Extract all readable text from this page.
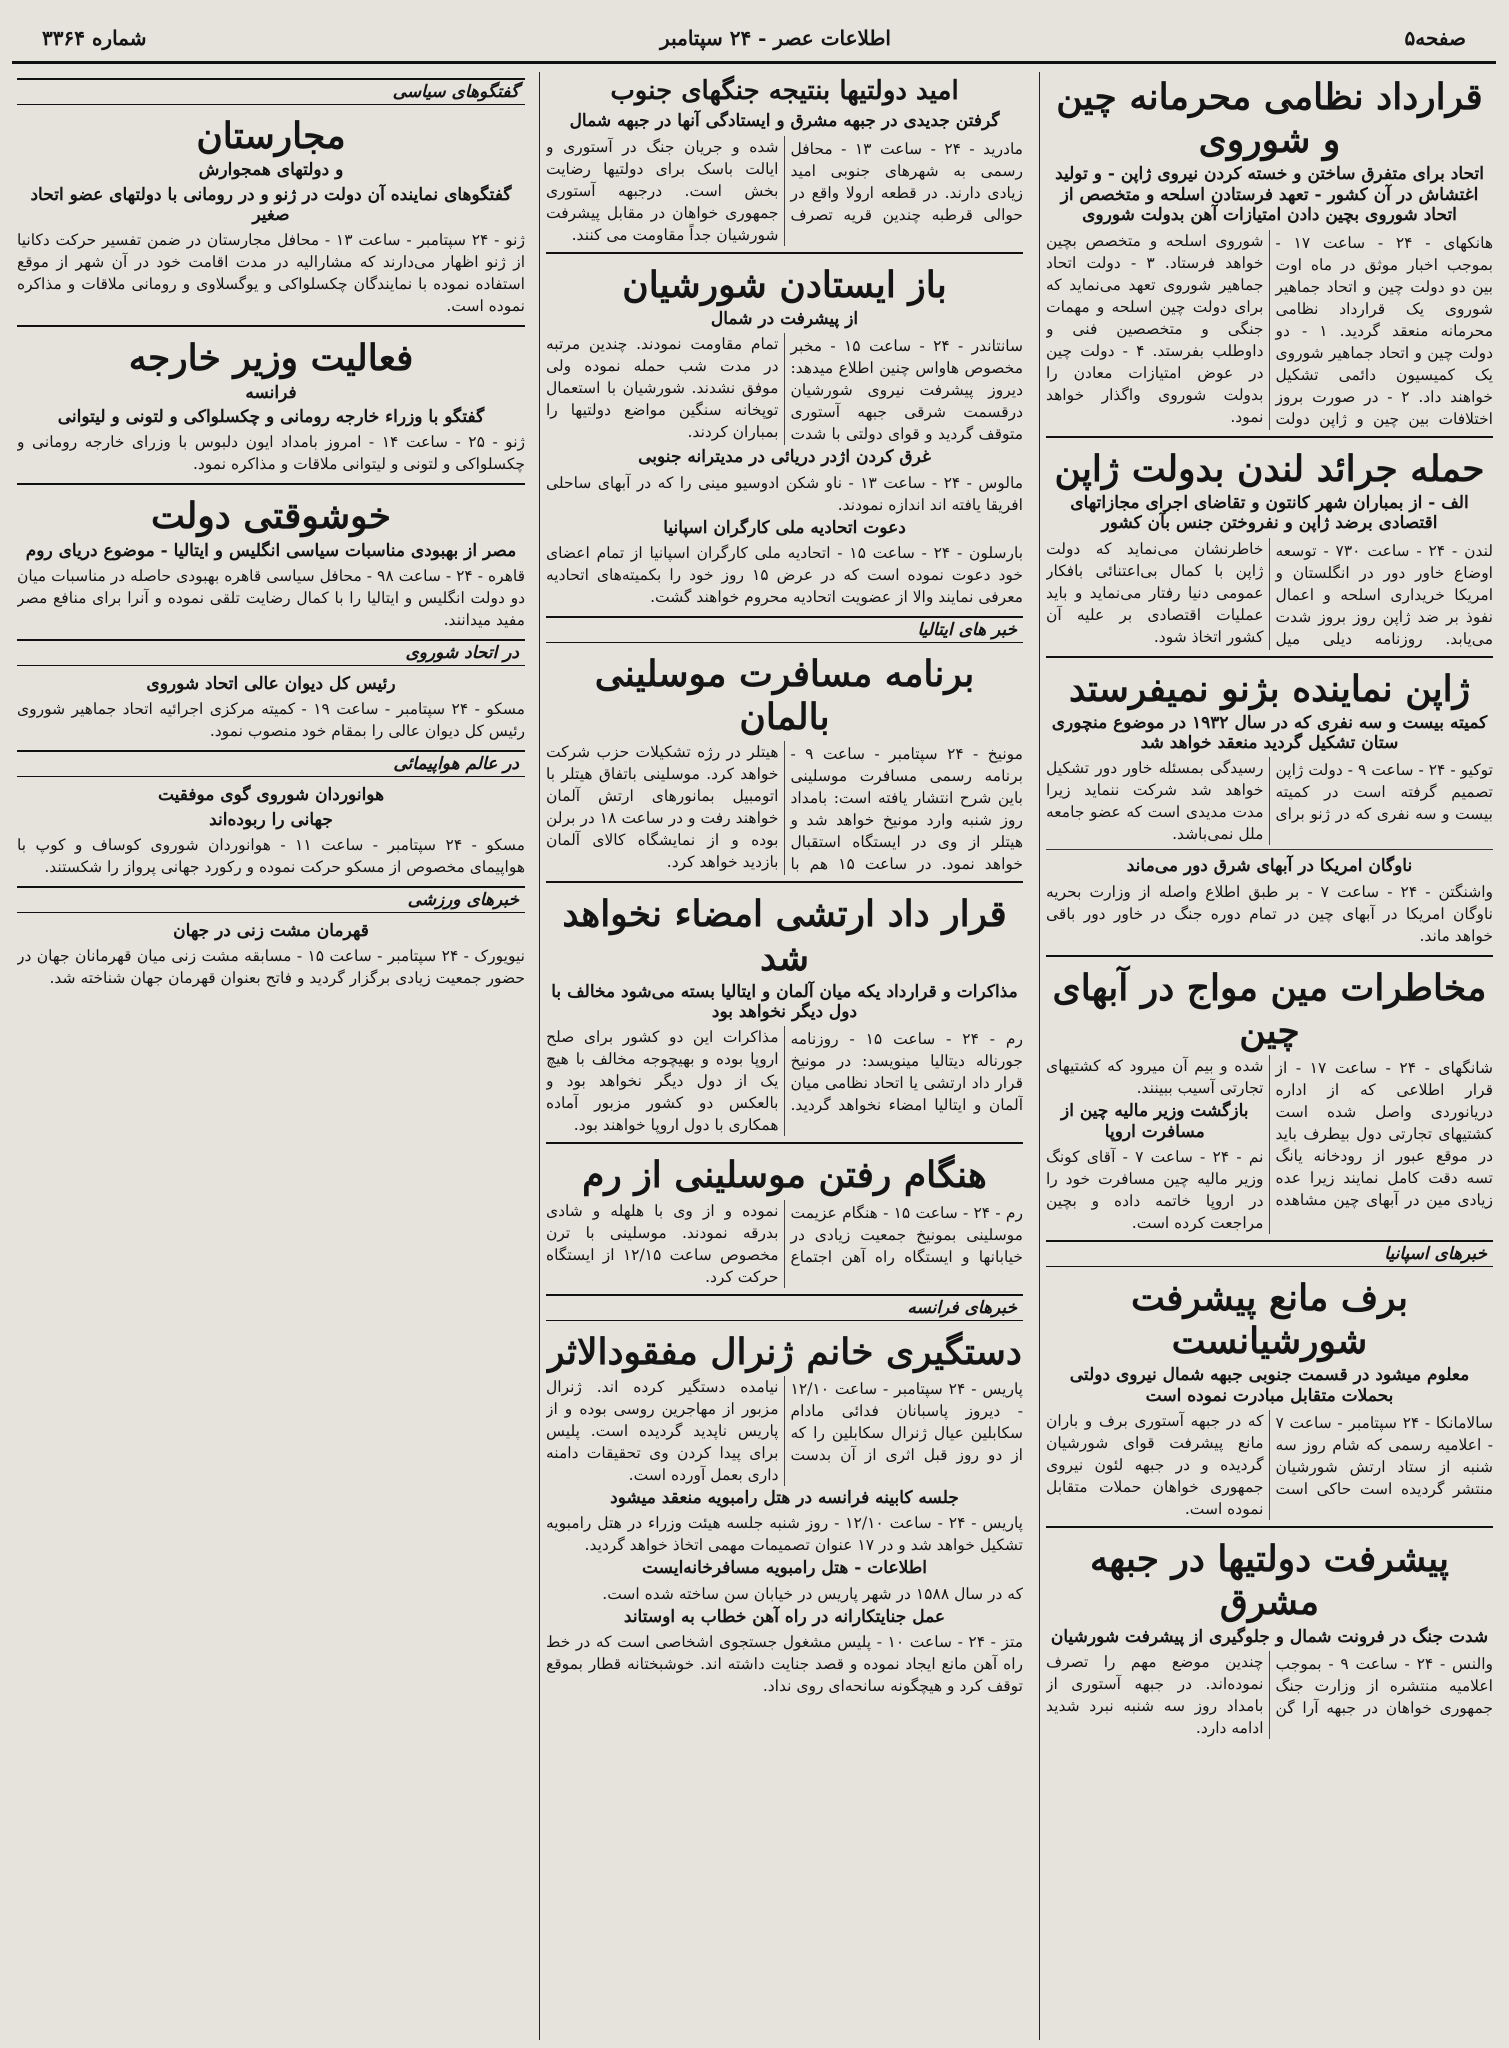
صفحه۵
اطلاعات عصر - ۲۴ سپتامبر
شماره ۳۳۶۴
قرارداد نظامی محرمانه چین و شوروی
اتحاد برای متفرق ساختن و خسته کردن نیروی ژاپن - و تولید اغتشاش در آن کشور - تعهد فرستادن اسلحه و متخصص از اتحاد شوروی بچین دادن امتیازات آهن بدولت شوروی

هانکهای - ۲۴ - ساعت ۱۷ - بموجب اخبار موثق در ماه اوت بین دو دولت چین و اتحاد جماهیر شوروی یک قرارداد نظامی محرمانه منعقد گردید. ۱ - دو دولت چین و اتحاد جماهیر شوروی یک کمیسیون دائمی تشکیل خواهند داد. ۲ - در صورت بروز اختلافات بین چین و ژاپن دولت شوروی اسلحه و متخصص بچین خواهد فرستاد. ۳ - دولت اتحاد جماهیر شوروی تعهد می‌نماید که برای دولت چین اسلحه و مهمات جنگی و متخصصین فنی و داوطلب بفرستد. ۴ - دولت چین در عوض امتیازات معادن را بدولت شوروی واگذار خواهد نمود.

حمله جرائد لندن بدولت ژاپن
الف - از بمباران شهر کانتون و تقاضای اجرای مجازاتهای اقتصادی برضد ژاپن و نفروختن جنس بآن کشور

لندن - ۲۴ - ساعت ۷۳۰ - توسعه اوضاع خاور دور در انگلستان و امریکا خریداری اسلحه و اعمال نفوذ بر ضد ژاپن روز بروز شدت می‌یابد. روزنامه دیلی میل خاطرنشان می‌نماید که دولت ژاپن با کمال بی‌اعتنائی بافکار عمومی دنیا رفتار می‌نماید و باید عملیات اقتصادی بر علیه آن کشور اتخاذ شود.

ژاپن نماینده بژنو نمیفرستد
کمیته بیست و سه نفری که در سال ۱۹۳۲ در موضوع منچوری ستان تشکیل گردید منعقد خواهد شد

توکیو - ۲۴ - ساعت ۹ - دولت ژاپن تصمیم گرفته است در کمیته بیست و سه نفری که در ژنو برای رسیدگی بمسئله خاور دور تشکیل خواهد شد شرکت ننماید زیرا مدت مدیدی است که عضو جامعه ملل نمی‌باشد.

ناوگان امریکا در آبهای شرق دور می‌ماند

واشنگتن - ۲۴ - ساعت ۷ - بر طبق اطلاع واصله از وزارت بحریه ناوگان امریکا در آبهای چین در تمام دوره جنگ در خاور دور باقی خواهد ماند.

مخاطرات مین مواج در آبهای چین

شانگهای - ۲۴ - ساعت ۱۷ - از قرار اطلاعی که از اداره دریانوردی واصل شده است کشتیهای تجارتی دول بیطرف باید در موقع عبور از رودخانه یانگ تسه دقت کامل نمایند زیرا عده زیادی مین در آبهای چین مشاهده شده و بیم آن میرود که کشتیهای تجارتی آسیب ببینند.

بازگشت وزیر مالیه چین از مسافرت اروپا

نم - ۲۴ - ساعت ۷ - آقای کونگ وزیر مالیه چین مسافرت خود را در اروپا خاتمه داده و بچین مراجعت کرده است.

خبرهای اسپانیا
برف مانع پیشرفت شورشیانست
معلوم میشود در قسمت جنوبی جبهه شمال نیروی دولتی بحملات متقابل مبادرت نموده است

سالامانکا - ۲۴ سپتامبر - ساعت ۷ - اعلامیه رسمی که شام روز سه شنبه از ستاد ارتش شورشیان منتشر گردیده است حاکی است که در جبهه آستوری برف و باران مانع پیشرفت قوای شورشیان گردیده و در جبهه لئون نیروی جمهوری خواهان حملات متقابل نموده است.

پیشرفت دولتیها در جبهه مشرق
شدت جنگ در فرونت شمال و جلوگیری از پیشرفت شورشیان

والنس - ۲۴ - ساعت ۹ - بموجب اعلامیه منتشره از وزارت جنگ جمهوری خواهان در جبهه آرا گن چندین موضع مهم را تصرف نموده‌اند. در جبهه آستوری از بامداد روز سه شنبه نبرد شدید ادامه دارد.

امید دولتیها بنتیجه جنگهای جنوب
گرفتن جدیدی در جبهه مشرق و ایستادگی آنها در جبهه شمال

مادرید - ۲۴ - ساعت ۱۳ - محافل رسمی به شهرهای جنوبی امید زیادی دارند. در قطعه ارولا واقع در حوالی قرطبه چندین قریه تصرف شده و جریان جنگ در آستوری و ایالت باسک برای دولتیها رضایت بخش است. درجبهه آستوری جمهوری خواهان در مقابل پیشرفت شورشیان جداً مقاومت می کنند.

باز ایستادن شورشیان
از پیشرفت در شمال

سانتاندر - ۲۴ - ساعت ۱۵ - مخبر مخصوص هاواس چنین اطلاع میدهد: دیروز پیشرفت نیروی شورشیان درقسمت شرقی جبهه آستوری متوقف گردید و قوای دولتی با شدت تمام مقاومت نمودند. چندین مرتبه در مدت شب حمله نموده ولی موفق نشدند. شورشیان با استعمال توپخانه سنگین مواضع دولتیها را بمباران کردند.

غرق کردن اژدر دریائی در مدیترانه جنوبی

مالوس - ۲۴ - ساعت ۱۳ - ناو شکن ادوسیو مینی را که در آبهای ساحلی افریقا یافته اند اندازه نمودند.

دعوت اتحادیه ملی کارگران اسپانیا

بارسلون - ۲۴ - ساعت ۱۵ - اتحادیه ملی کارگران اسپانیا از تمام اعضای خود دعوت نموده است که در عرض ۱۵ روز خود را بکمیته‌های اتحادیه معرفی نمایند والا از عضویت اتحادیه محروم خواهند گشت.

خبر های ایتالیا
برنامه مسافرت موسلینی بالمان

مونیخ - ۲۴ سپتامبر - ساعت ۹ - برنامه رسمی مسافرت موسلینی باین شرح انتشار یافته است: بامداد روز شنبه وارد مونیخ خواهد شد و هیتلر از وی در ایستگاه استقبال خواهد نمود. در ساعت ۱۵ هم با هیتلر در رژه تشکیلات حزب شرکت خواهد کرد. موسلینی باتفاق هیتلر با اتومبیل بمانورهای ارتش آلمان خواهند رفت و در ساعت ۱۸ در برلن بوده و از نمایشگاه کالای آلمان بازدید خواهد کرد.

قرار داد ارتشی امضاء نخواهد شد
مذاکرات و قرارداد یکه میان آلمان و ایتالیا بسته می‌شود مخالف با دول دیگر نخواهد بود

رم - ۲۴ - ساعت ۱۵ - روزنامه جورناله دیتالیا مینویسد: در مونیخ قرار داد ارتشی یا اتحاد نظامی میان آلمان و ایتالیا امضاء نخواهد گردید. مذاکرات این دو کشور برای صلح اروپا بوده و بهیچوجه مخالف با هیچ یک از دول دیگر نخواهد بود و بالعکس دو کشور مزبور آماده همکاری با دول اروپا خواهند بود.

هنگام رفتن موسلینی از رم

رم - ۲۴ - ساعت ۱۵ - هنگام عزیمت موسلینی بمونیخ جمعیت زیادی در خیابانها و ایستگاه راه آهن اجتماع نموده و از وی با هلهله و شادی بدرقه نمودند. موسلینی با ترن مخصوص ساعت ۱۲/۱۵ از ایستگاه حرکت کرد.

خبرهای فرانسه
دستگیری خانم ژنرال مفقودالاثر

پاریس - ۲۴ سپتامبر - ساعت ۱۲/۱۰ - دیروز پاسبانان فدائی مادام سکابلین عیال ژنرال سکابلین را که از دو روز قبل اثری از آن بدست نیامده دستگیر کرده اند. ژنرال مزبور از مهاجرین روسی بوده و از پاریس ناپدید گردیده است. پلیس برای پیدا کردن وی تحقیقات دامنه داری بعمل آورده است.

جلسه کابینه فرانسه در هتل رامبویه منعقد میشود

پاریس - ۲۴ - ساعت ۱۲/۱۰ - روز شنبه جلسه هیئت وزراء در هتل رامبویه تشکیل خواهد شد و در ۱۷ عنوان تصمیمات مهمی اتخاذ خواهد گردید.

اطلاعات - هتل رامبویه مسافرخانه‌ایست

که در سال ۱۵۸۸ در شهر پاریس در خیابان سن ساخته شده است.

عمل جنایتکارانه در راه آهن خطاب به اوستاند

متز - ۲۴ - ساعت ۱۰ - پلیس مشغول جستجوی اشخاصی است که در خط راه آهن مانع ایجاد نموده و قصد جنایت داشته اند. خوشبختانه قطار بموقع توقف کرد و هیچگونه سانحه‌ای روی نداد.

گفتگوهای سیاسی
مجارستان
و دولتهای همجوارش
گفتگوهای نماینده آن دولت در ژنو و در رومانی با دولتهای عضو اتحاد صغیر

ژنو - ۲۴ سپتامبر - ساعت ۱۳ - محافل مجارستان در ضمن تفسیر حرکت دکانیا از ژنو اظهار می‌دارند که مشارالیه در مدت اقامت خود در آن شهر از موقع استفاده نموده با نمایندگان چکسلواکی و یوگسلاوی و رومانی ملاقات و مذاکره نموده است.

فعالیت وزیر خارجه
فرانسه
گفتگو با وزراء خارجه رومانی و چکسلواکی و لتونی و لیتوانی

ژنو - ۲۵ - ساعت ۱۴ - امروز بامداد ایون دلبوس با وزرای خارجه رومانی و چکسلواکی و لتونی و لیتوانی ملاقات و مذاکره نمود.

خوشوقتی دولت
مصر از بهبودی مناسبات سیاسی انگلیس و ایتالیا - موضوع دریای روم

قاهره - ۲۴ - ساعت ۹۸ - محافل سیاسی قاهره بهبودی حاصله در مناسبات میان دو دولت انگلیس و ایتالیا را با کمال رضایت تلقی نموده و آنرا برای منافع مصر مفید میدانند.

در اتحاد شوروی
رئیس کل دیوان عالی اتحاد شوروی

مسکو - ۲۴ سپتامبر - ساعت ۱۹ - کمیته مرکزی اجرائیه اتحاد جماهیر شوروی رئیس کل دیوان عالی را بمقام خود منصوب نمود.

در عالم هواپیمائی
هوانوردان شوروی گوی موفقیت
جهانی را ربوده‌اند

مسکو - ۲۴ سپتامبر - ساعت ۱۱ - هوانوردان شوروی کوساف و کوپ با هواپیمای مخصوص از مسکو حرکت نموده و رکورد جهانی پرواز را شکستند.

خبرهای ورزشی
قهرمان مشت زنی در جهان

نیویورک - ۲۴ سپتامبر - ساعت ۱۵ - مسابقه مشت زنی میان قهرمانان جهان در حضور جمعیت زیادی برگزار گردید و فاتح بعنوان قهرمان جهان شناخته شد.
